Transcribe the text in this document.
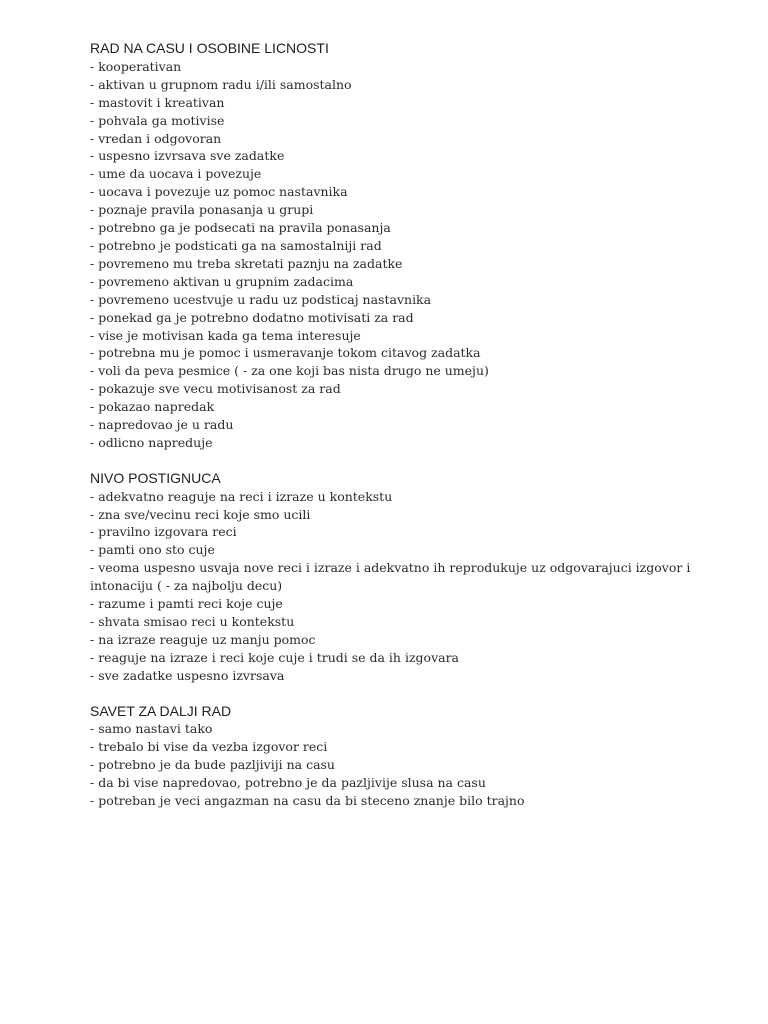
RAD NA CASU I OSOBINE LICNOSTI
- kooperativan
- aktivan u grupnom radu i/ili samostalno
- mastovit i kreativan
- pohvala ga motivise
- vredan i odgovoran
- uspesno izvrsava sve zadatke
- ume da uocava i povezuje
- uocava i povezuje uz pomoc nastavnika
- poznaje pravila ponasanja u grupi
- potrebno ga je podsecati na pravila ponasanja
- potrebno je podsticati ga na samostalniji rad
- povremeno mu treba skretati paznju na zadatke
- povremeno aktivan u grupnim zadacima
- povremeno ucestvuje u radu uz podsticaj nastavnika
- ponekad ga je potrebno dodatno motivisati za rad
- vise je motivisan kada ga tema interesuje
- potrebna mu je pomoc i usmeravanje tokom citavog zadatka
- voli da peva pesmice ( - za one koji bas nista drugo ne umeju)
- pokazuje sve vecu motivisanost za rad
- pokazao napredak
- napredovao je u radu
- odlicno napreduje
NIVO POSTIGNUCA
- adekvatno reaguje na reci i izraze u kontekstu
- zna sve/vecinu reci koje smo ucili
- pravilno izgovara reci
- pamti ono sto cuje
- veoma uspesno usvaja nove reci i izraze i adekvatno ih reprodukuje uz odgovarajuci izgovor i intonaciju ( - za najbolju decu)
- razume i pamti reci koje cuje
- shvata smisao reci u kontekstu
- na izraze reaguje uz manju pomoc
- reaguje na izraze i reci koje cuje i trudi se da ih izgovara
- sve zadatke uspesno izvrsava
SAVET ZA DALJI RAD
- samo nastavi tako
- trebalo bi vise da vezba izgovor reci
- potrebno je da bude pazljiviji na casu
- da bi vise napredovao, potrebno je da pazljivije slusa na casu
- potreban je veci angazman na casu da bi steceno znanje bilo trajno
